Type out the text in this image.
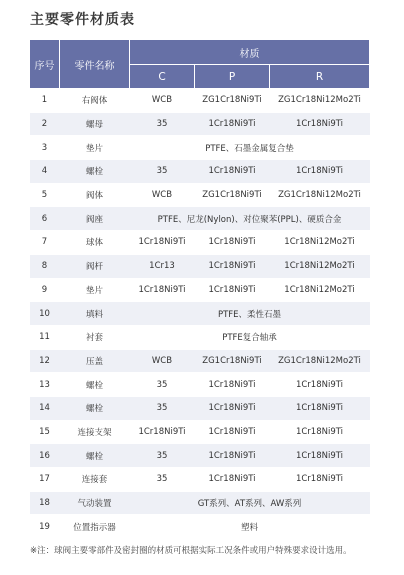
主要零件材质表
序号	零件名称	材质		
		C	P	R
1	右阀体	WCB	ZG1Cr18Ni9Ti	ZG1Cr18Ni12Mo2Ti
2	螺母	35	1Cr18Ni9Ti	1Cr18Ni9Ti
3	垫片	PTFE、石墨金属复合垫		
4	螺栓	35	1Cr18Ni9Ti	1Cr18Ni9Ti
5	阀体	WCB	ZG1Cr18Ni9Ti	ZG1Cr18Ni12Mo2Ti
6	阀座	PTFE、尼龙(Nylon)、对位聚苯(PPL)、硬质合金		
7	球体	1Cr18Ni9Ti	1Cr18Ni9Ti	1Cr18Ni12Mo2Ti
8	阀杆	1Cr13	1Cr18Ni9Ti	1Cr18Ni12Mo2Ti
9	垫片	1Cr18Ni9Ti	1Cr18Ni9Ti	1Cr18Ni12Mo2Ti
10	填料	PTFE、柔性石墨		
11	衬套	PTFE复合轴承		
12	压盖	WCB	ZG1Cr18Ni9Ti	ZG1Cr18Ni12Mo2Ti
13	螺栓	35	1Cr18Ni9Ti	1Cr18Ni9Ti
14	螺栓	35	1Cr18Ni9Ti	1Cr18Ni9Ti
15	连接支架	1Cr18Ni9Ti	1Cr18Ni9Ti	1Cr18Ni9Ti
16	螺栓	35	1Cr18Ni9Ti	1Cr18Ni9Ti
17	连接套	35	1Cr18Ni9Ti	1Cr18Ni9Ti
18	气动装置	GT系列、AT系列、AW系列		
19	位置指示器	塑料		
※注：球阀主要零部件及密封圈的材质可根据实际工况条件或用户特殊要求设计选用。
